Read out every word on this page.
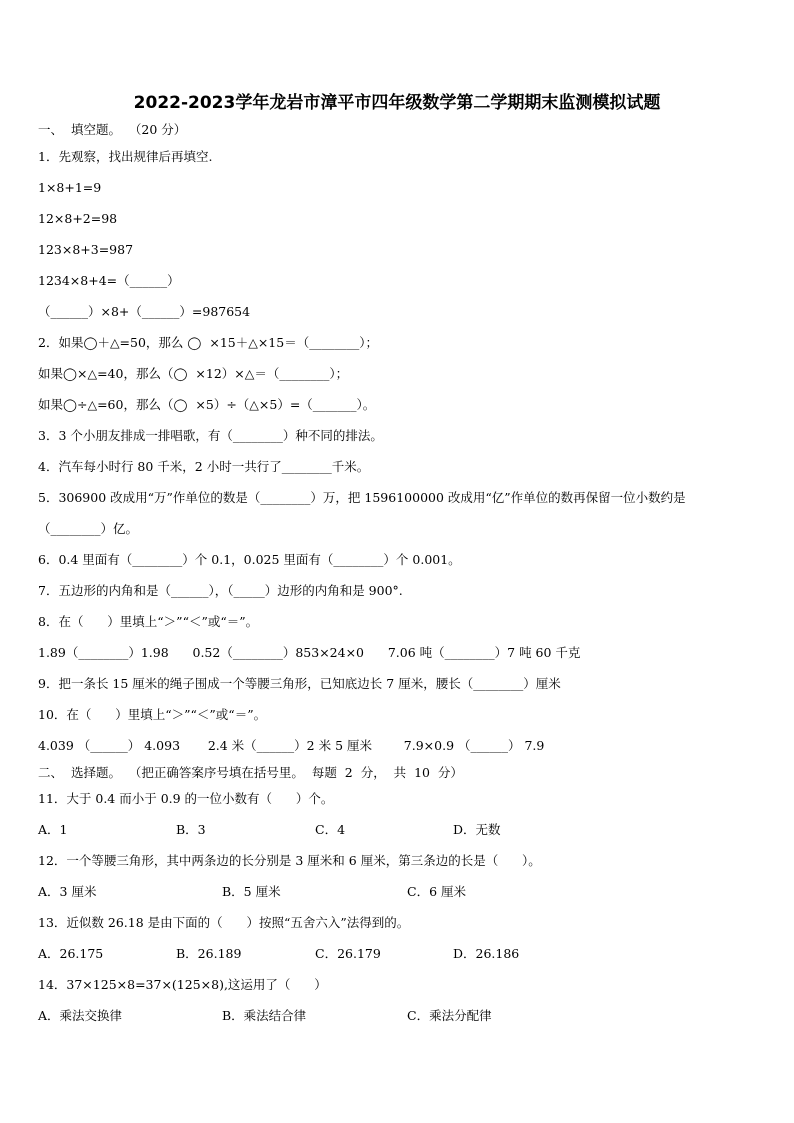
2022-2023学年龙岩市漳平市四年级数学第二学期期末监测模拟试题
一、  填空题。  （20 分）
1．先观察，找出规律后再填空.
1×8+1=9
12×8+2=98
123×8+3=987
1234×8+4=（______）
（______）×8+（______）=987654
2．如果◯＋△=50，那么 ◯  ×15＋△×15＝（________）；
如果◯×△=40，那么（◯  ×12）×△＝（________）；
如果◯÷△=60，那么（◯  ×5）÷（△×5）=（_______）。
3．3 个小朋友排成一排唱歌，有（________）种不同的排法。
4．汽车每小时行 80 千米，2 小时一共行了________千米。
5．306900 改成用“万”作单位的数是（________）万，把 1596100000 改成用“亿”作单位的数再保留一位小数约是
（________）亿。
6．0.4 里面有（________）个 0.1，0.025 里面有（________）个 0.001。
7．五边形的内角和是（______），（_____）边形的内角和是 900°.
8．在（      ）里填上“＞”“＜”或“＝”。
1.89（________）1.98      0.52（________）853×24×0      7.06 吨（________）7 吨 60 千克
9．把一条长 15 厘米的绳子围成一个等腰三角形，已知底边长 7 厘米，腰长（________）厘米
10．在（      ）里填上“＞”“＜”或“＝”。
4.039 （______） 4.093       2.4 米（______）2 米 5 厘米        7.9×0.9 （______） 7.9
二、  选择题。  （把正确答案序号填在括号里。  每题  2  分，  共  10  分）
11．大于 0.4 而小于 0.9 的一位小数有（      ）个。
A．1	B．3	C．4	D．无数
12．一个等腰三角形，其中两条边的长分别是 3 厘米和 6 厘米，第三条边的长是（      ）。
A．3 厘米	B．5 厘米	C．6 厘米
13．近似数 26.18 是由下面的（      ）按照“五舍六入”法得到的。
A．26.175	B．26.189	C．26.179	D．26.186
14．37×125×8=37×(125×8),这运用了（      ）
A．乘法交换律	B．乘法结合律	C．乘法分配律
